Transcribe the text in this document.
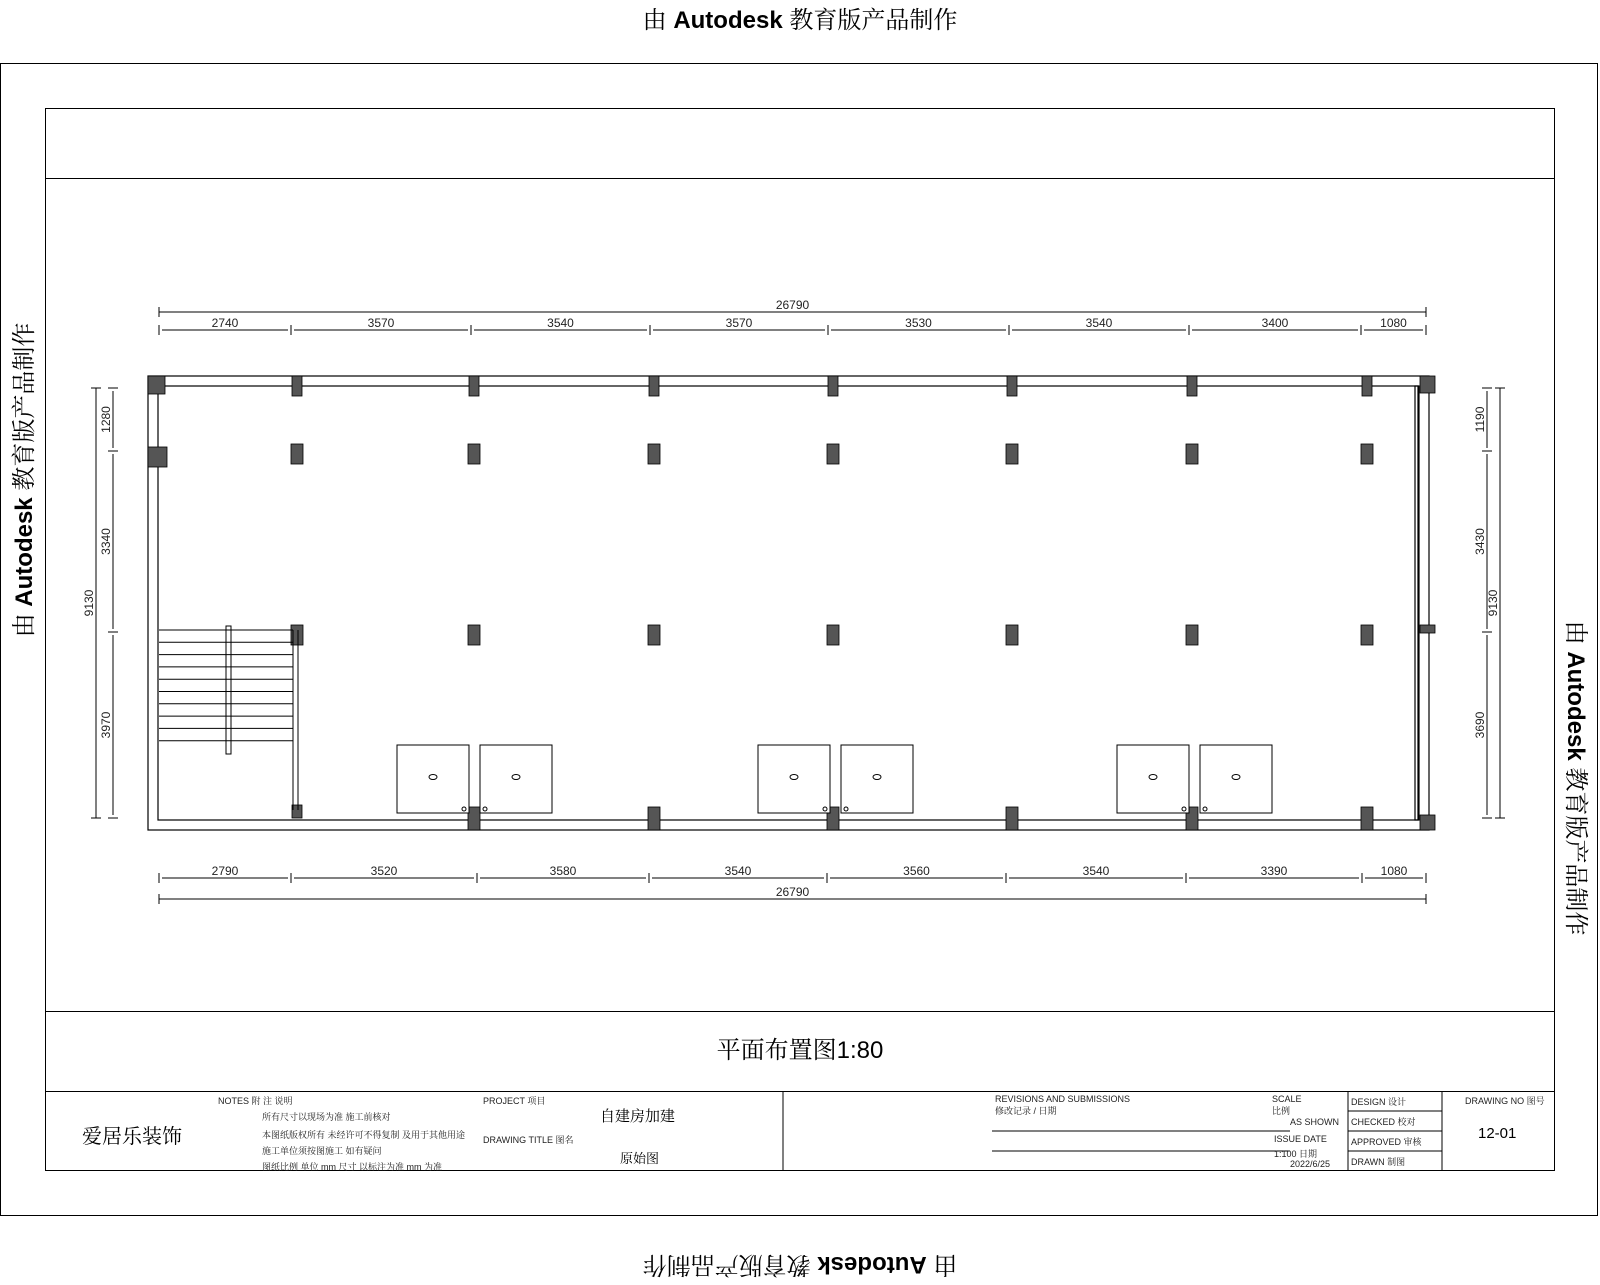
由 Autodesk 教育版产品制作
由 Autodesk 教育版产品制作
由 Autodesk 教育版产品制作
由 Autodesk 教育版产品制作
2740	3570	3540	3570	3530	3540	3400	1080
26790
2790	3520	3580	3540	3560	3540	3390	1080
26790
1280
3340
3970
9130
1190
3430
3690
9130
平面布置图1:80
爱居乐装饰
NOTES 附 注 说明
所有尺寸以现场为准 施工前核对
本图纸版权所有 未经许可不得复制 及用于其他用途
施工单位须按图施工 如有疑问
图纸比例 单位 mm 尺寸 以标注为准 mm 为准
PROJECT 项目
自建房加建
DRAWING TITLE 图名
原始图
REVISIONS AND SUBMISSIONS
修改记录 / 日期
SCALE
比例
AS SHOWN
ISSUE DATE
1:100 日期
2022/6/25
DESIGN 设计
CHECKED 校对
APPROVED 审核
DRAWN 制图
DRAWING NO 图号
12-01
